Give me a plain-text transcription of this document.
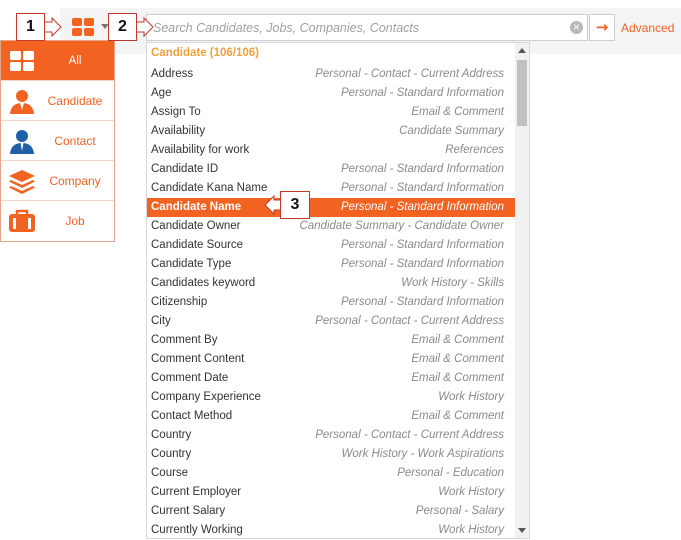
Search Candidates, Jobs, Companies, Contacts
×	→	Advanced
All
Candidate
Contact
Company
Job
Candidate (106/106)
Address	Personal - Contact - Current Address
Age	Personal - Standard Information
Assign To	Email & Comment
Availability	Candidate Summary
Availability for work	References
Candidate ID	Personal - Standard Information
Candidate Kana Name	Personal - Standard Information
Candidate Name	Personal - Standard Information
Candidate Owner	Candidate Summary - Candidate Owner
Candidate Source	Personal - Standard Information
Candidate Type	Personal - Standard Information
Candidates keyword	Work History - Skills
Citizenship	Personal - Standard Information
City	Personal - Contact - Current Address
Comment By	Email & Comment
Comment Content	Email & Comment
Comment Date	Email & Comment
Company Experience	Work History
Contact Method	Email & Comment
Country	Personal - Contact - Current Address
Country	Work History - Work Aspirations
Course	Personal - Education
Current Employer	Work History
Current Salary	Personal - Salary
Currently Working	Work History
1	2
3
